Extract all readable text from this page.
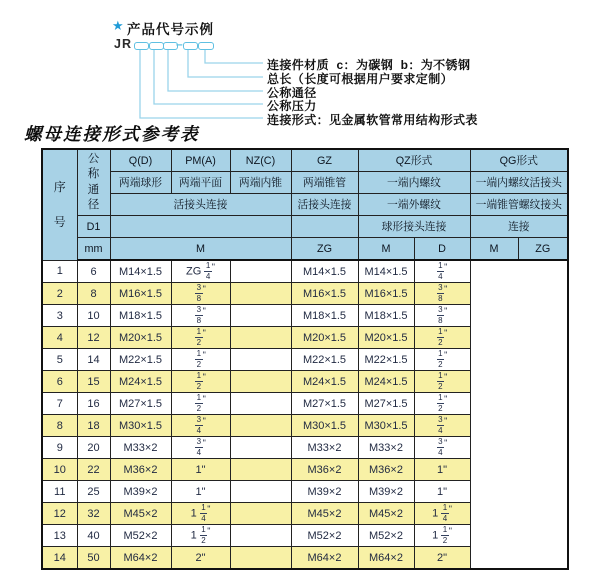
★ 产品代号示例
JR	–
连接件材质  c：为碳钢  b：为不锈钢
总长（长度可根据用户要求定制）
公称通径
公称压力
连接形式：见金属软管常用结构形式表
螺母连接形式参考表
序号	公称通径	Q(D)	PM(A)	NZ(C)	GZ	QZ形式		QG形式	
		两端球形	两端平面	两端内锥	两端锥管	一端内螺纹		一端内螺纹活接头	
		活接头连接			活接头连接	一端外螺纹		一端锥管螺纹接头	
	D1					球形接头连接		连接	
	mm	M			ZG	M	D	M	ZG
1	6	M14×1.5	ZG $\frac{1}{4} ^"$		M14×1.5	M14×1.5	$\frac{1}{4} ^"$
2	8	M16×1.5	$\frac{3}{8} ^"$		M16×1.5	M16×1.5	$\frac{3}{8} ^"$
3	10	M18×1.5	$\frac{3}{8} ^"$		M18×1.5	M18×1.5	$\frac{3}{8} ^"$
4	12	M20×1.5	$\frac{1}{2} ^"$		M20×1.5	M20×1.5	$\frac{1}{2} ^"$
5	14	M22×1.5	$\frac{1}{2} ^"$		M22×1.5	M22×1.5	$\frac{1}{2} ^"$
6	15	M24×1.5	$\frac{1}{2} ^"$		M24×1.5	M24×1.5	$\frac{1}{2} ^"$
7	16	M27×1.5	$\frac{1}{2} ^"$		M27×1.5	M27×1.5	$\frac{1}{2} ^"$
8	18	M30×1.5	$\frac{3}{4} ^"$		M30×1.5	M30×1.5	$\frac{3}{4} ^"$
9	20	M33×2	$\frac{3}{4} ^"$		M33×2	M33×2	$\frac{3}{4} ^"$
10	22	M36×2	1"		M36×2	M36×2	1"		
11	25	M39×2	1"		M39×2	M39×2	1"		
12	32	M45×2	$1 \frac{1}{4} ^"$		M45×2	M45×2	$1 \frac{1}{4} ^"$
13	40	M52×2	$1 \frac{1}{2} ^"$		M52×2	M52×2	$1 \frac{1}{2} ^"$
14	50	M64×2	2"		M64×2	M64×2	2"		
